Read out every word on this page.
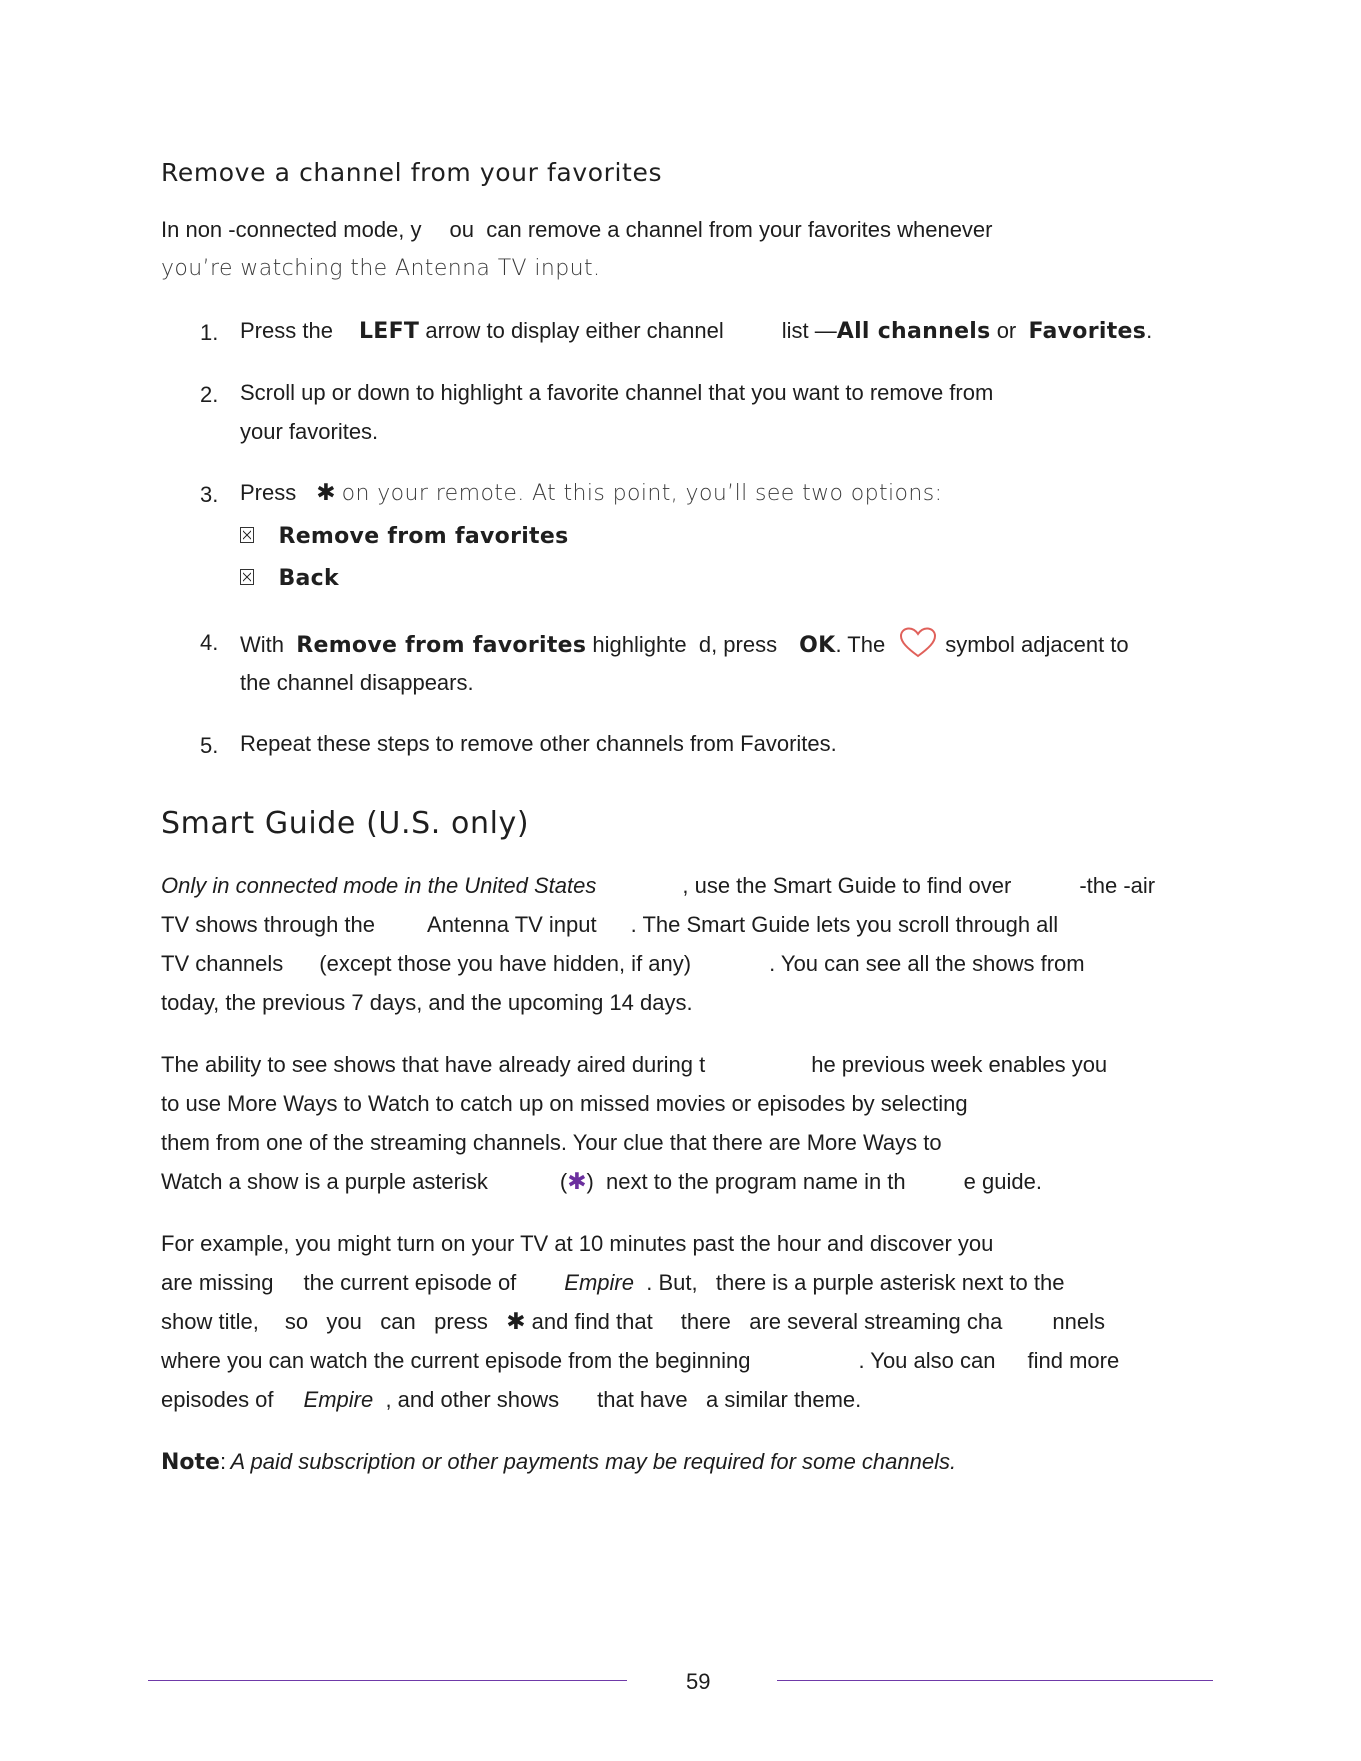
Remove a channel from your favorites
In non -connected mode, y ou can remove a channel from your favorites whenever
you’re watching the Antenna TV input.
1. Press the LEFT arrow to display either channel	list —All channels or Favorites.
2. Scroll up or down to highlight a favorite channel that you want to remove from
your favorites.
3. Press ✱ on your remote. At this point, you’ll see two options:
Remove from favorites
Back
4. With Remove from favorites highlighte d, press OK. The	symbol adjacent to
the channel disappears.
5. Repeat these steps to remove other channels from Favorites.
Smart Guide (U.S. only)
Only in connected mode in the United States	, use the Smart Guide to find over	-the -air
TV shows through the Antenna TV input . The Smart Guide lets you scroll through all
TV channels (except those you have hidden, if any)	. You can see all the shows from
today, the previous 7 days, and the upcoming 14 days.
The ability to see shows that have already aired during t	he previous week enables you
to use More Ways to Watch to catch up on missed movies or episodes by selecting
them from one of the streaming channels. Your clue that there are More Ways to
Watch a show is a purple asterisk	(✱) next to the program name in th	e guide.
For example, you might turn on your TV at 10 minutes past the hour and discover you
are missing the current episode of Empire . But, there is a purple asterisk next to the
show title, so you can press ✱ and find that there are several streaming cha nnels
where you can watch the current episode from the beginning	. You also can find more
episodes of Empire , and other shows that have a similar theme.
Note: A paid subscription or other payments may be required for some channels.
59
